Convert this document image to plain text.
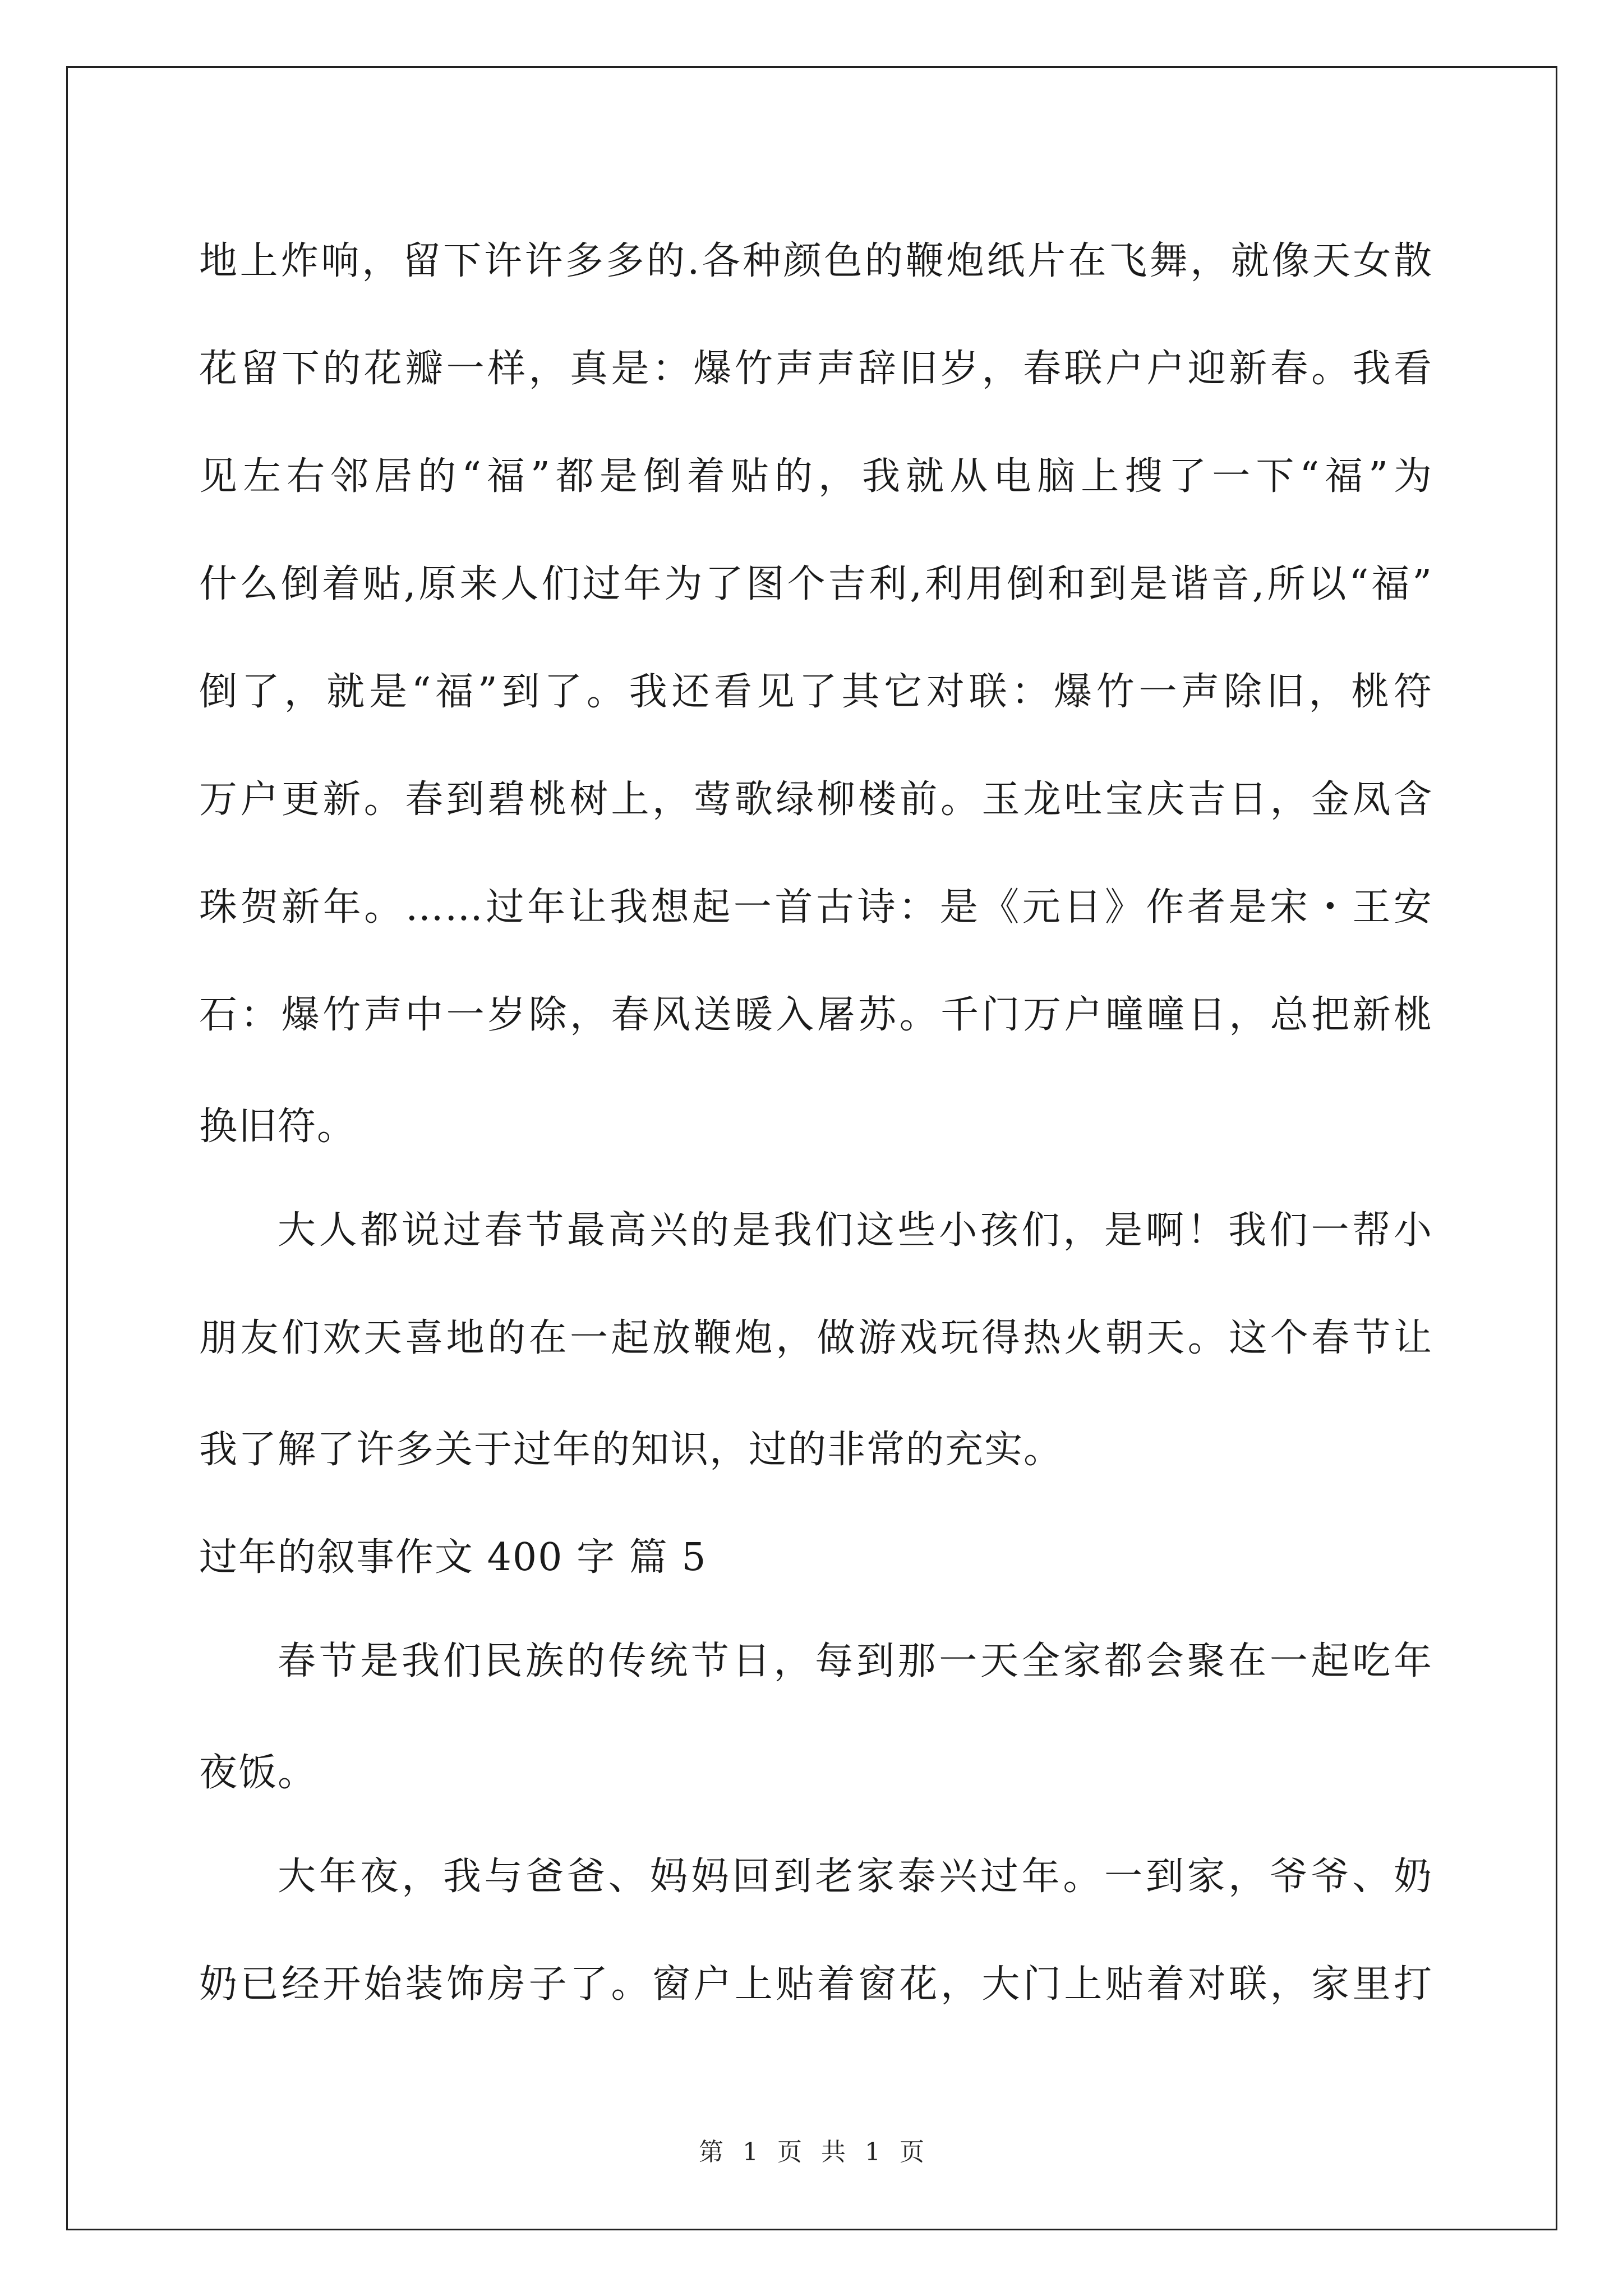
地上炸响，留下许许多多的.各种颜色的鞭炮纸片在飞舞，就像天女散
花留下的花瓣一样，真是：爆竹声声辞旧岁，春联户户迎新春。我看
见左右邻居的“福”都是倒着贴的，我就从电脑上搜了一下“福”为
什么倒着贴,原来人们过年为了图个吉利,利用倒和到是谐音,所以“福”
倒了，就是“福”到了。我还看见了其它对联：爆竹一声除旧，桃符
万户更新。春到碧桃树上，莺歌绿柳楼前。玉龙吐宝庆吉日，金凤含
珠贺新年。……过年让我想起一首古诗：是《元日》作者是宋・王安
石：爆竹声中一岁除，春风送暖入屠苏。千门万户曈曈日，总把新桃
换旧符。
大人都说过春节最高兴的是我们这些小孩们，是啊！我们一帮小
朋友们欢天喜地的在一起放鞭炮，做游戏玩得热火朝天。这个春节让
我了解了许多关于过年的知识，过的非常的充实。
过年的叙事作文 400 字 篇 5
春节是我们民族的传统节日，每到那一天全家都会聚在一起吃年
夜饭。
大年夜，我与爸爸、妈妈回到老家泰兴过年。一到家，爷爷、奶
奶已经开始装饰房子了。窗户上贴着窗花，大门上贴着对联，家里打
第 1 页 共 1 页
